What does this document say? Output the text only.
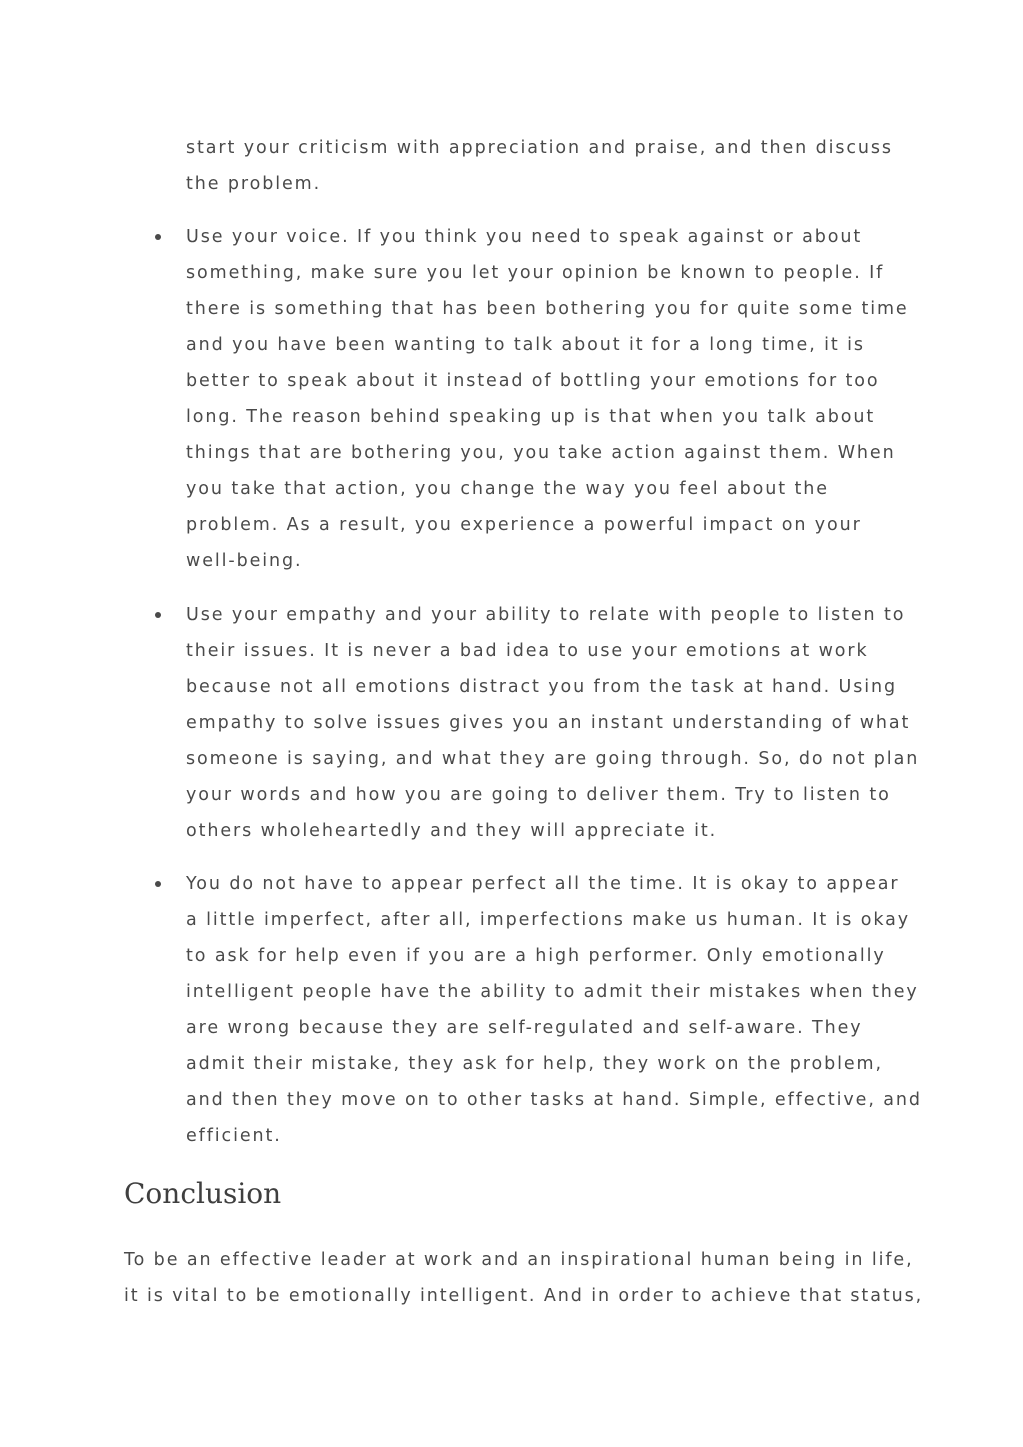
start your criticism with appreciation and praise, and then discuss
the problem.
Use your voice. If you think you need to speak against or about
something, make sure you let your opinion be known to people. If
there is something that has been bothering you for quite some time
and you have been wanting to talk about it for a long time, it is
better to speak about it instead of bottling your emotions for too
long. The reason behind speaking up is that when you talk about
things that are bothering you, you take action against them. When
you take that action, you change the way you feel about the
problem. As a result, you experience a powerful impact on your
well-being.
Use your empathy and your ability to relate with people to listen to
their issues. It is never a bad idea to use your emotions at work
because not all emotions distract you from the task at hand. Using
empathy to solve issues gives you an instant understanding of what
someone is saying, and what they are going through. So, do not plan
your words and how you are going to deliver them. Try to listen to
others wholeheartedly and they will appreciate it.
You do not have to appear perfect all the time. It is okay to appear
a little imperfect, after all, imperfections make us human. It is okay
to ask for help even if you are a high performer. Only emotionally
intelligent people have the ability to admit their mistakes when they
are wrong because they are self-regulated and self-aware. They
admit their mistake, they ask for help, they work on the problem,
and then they move on to other tasks at hand. Simple, effective, and
efficient.
Conclusion
To be an effective leader at work and an inspirational human being in life,
it is vital to be emotionally intelligent. And in order to achieve that status,
